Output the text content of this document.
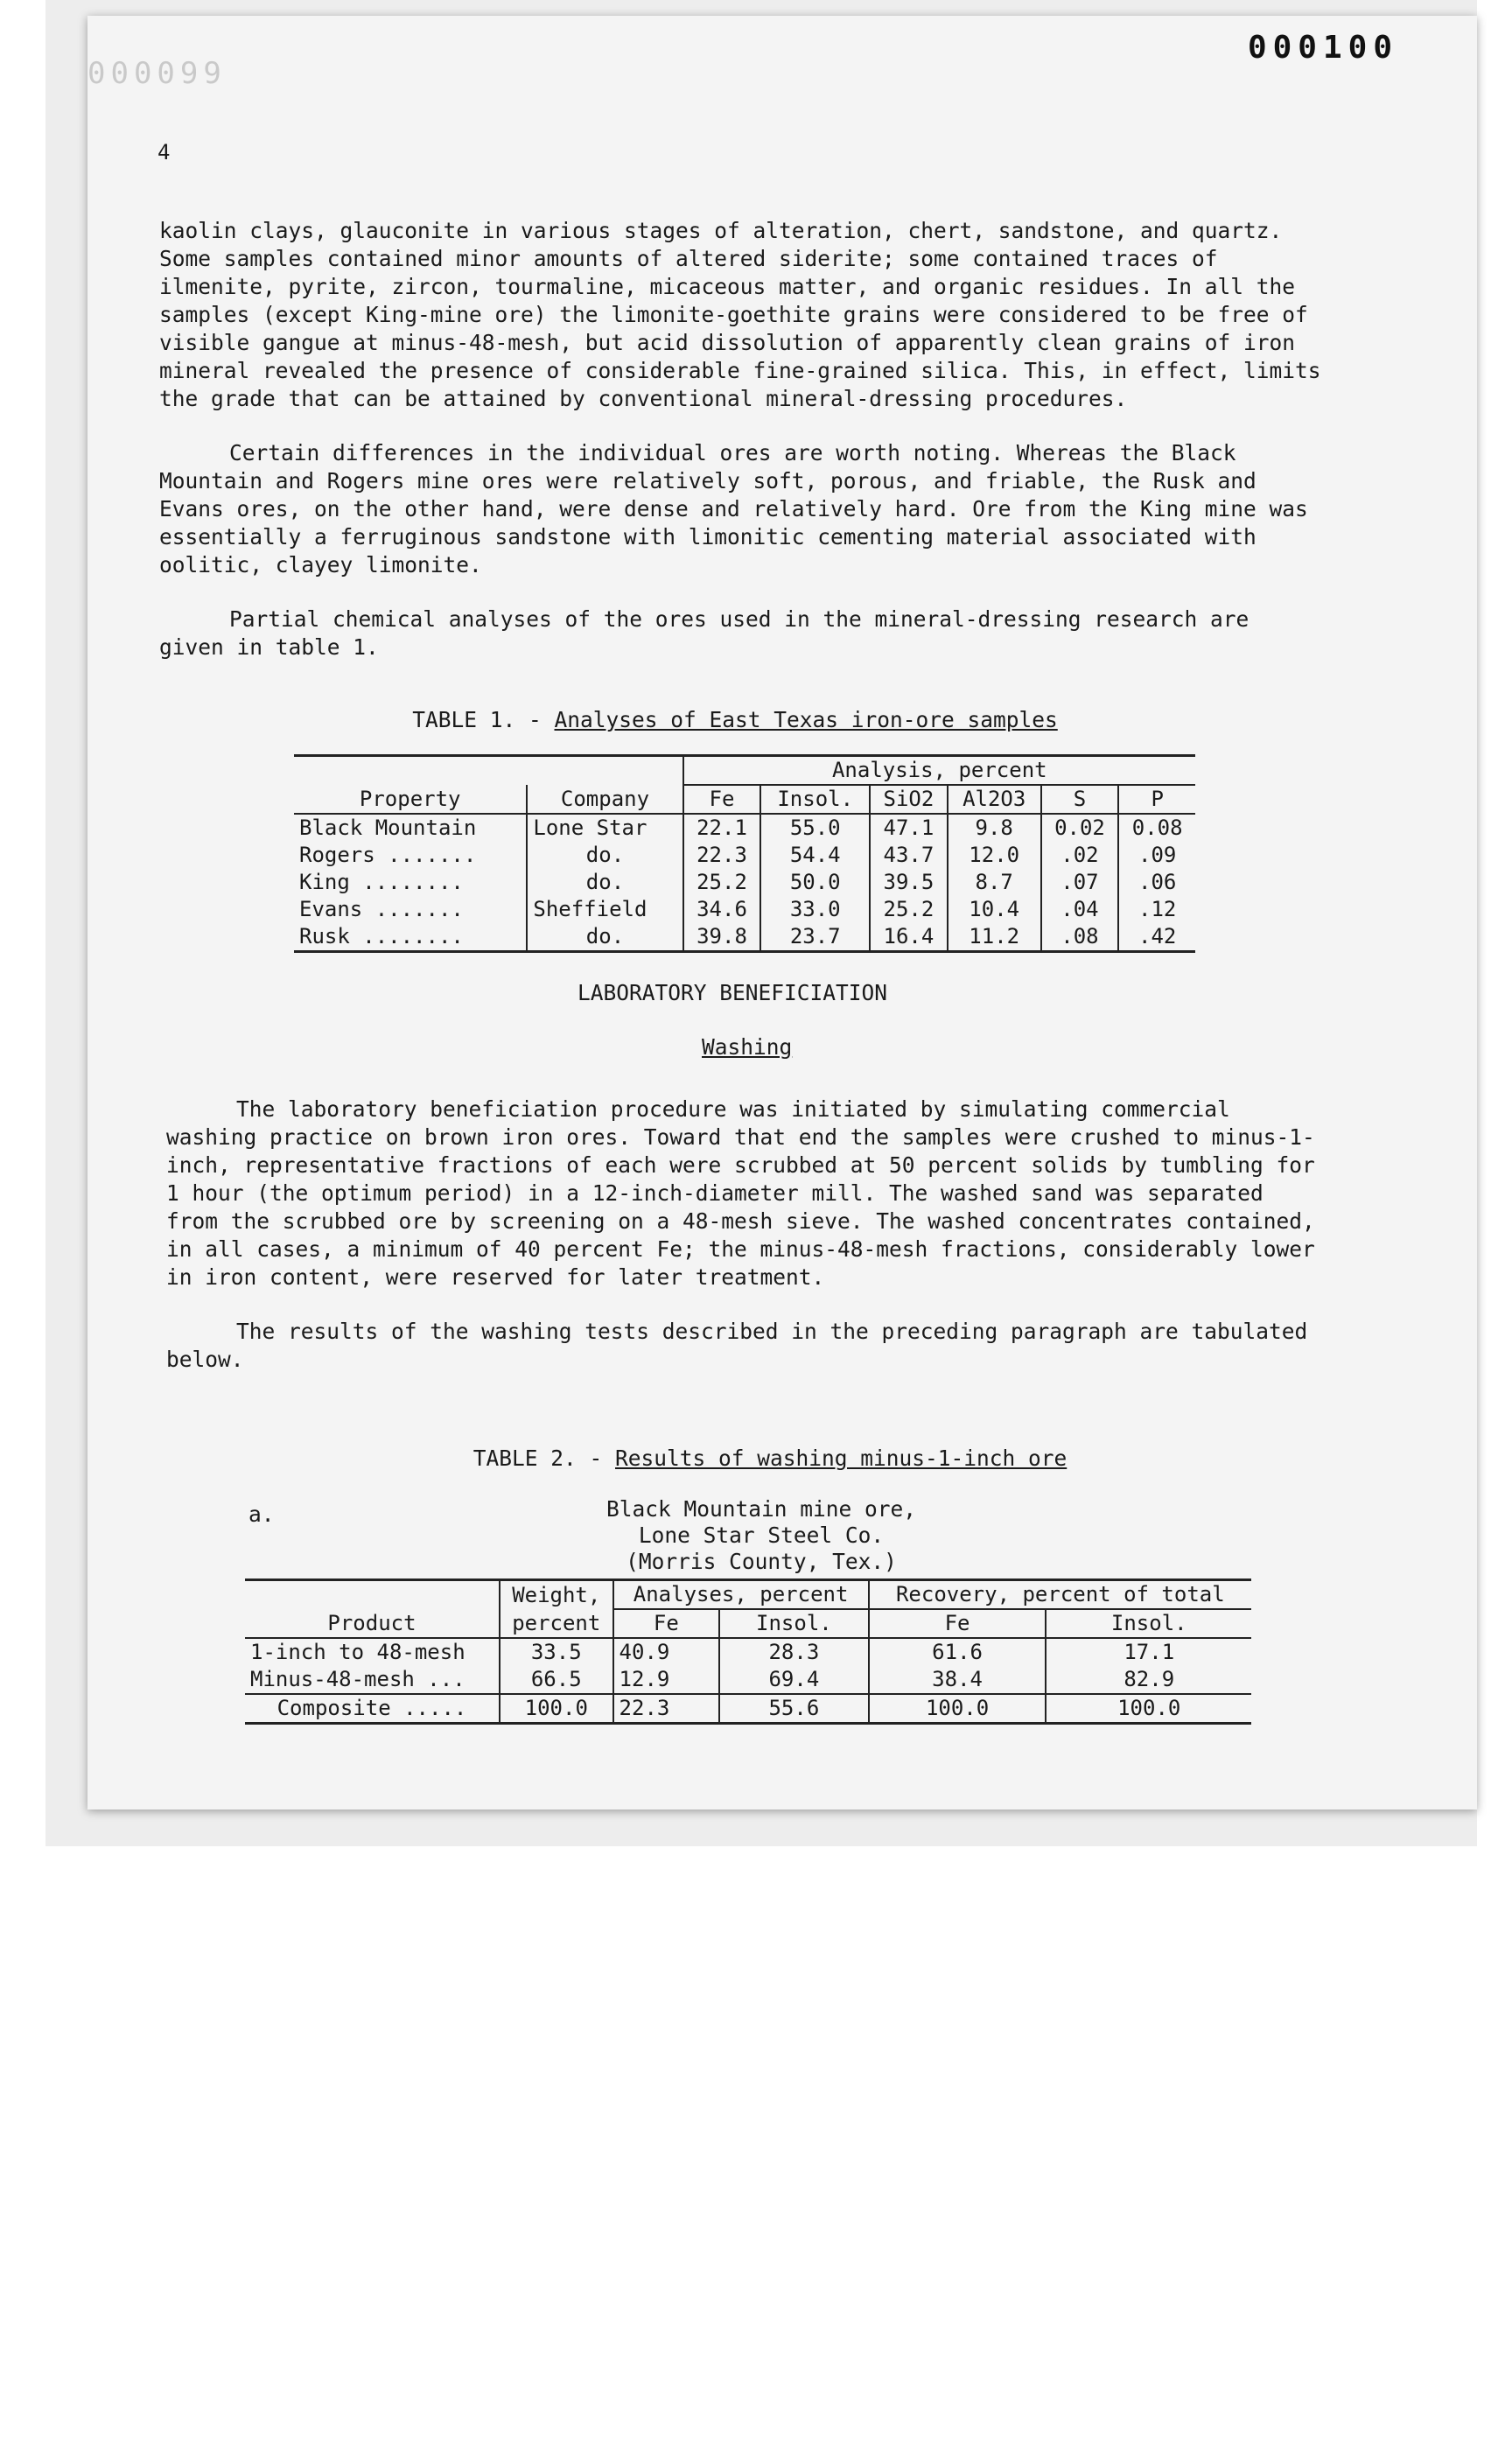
000099
000100
4

kaolin clays, glauconite in various stages of alteration, chert, sandstone, and quartz. Some samples contained minor amounts of altered siderite; some contained traces of ilmenite, pyrite, zircon, tourmaline, micaceous matter, and organic residues. In all the samples (except King-mine ore) the limonite-goethite grains were considered to be free of visible gangue at minus-48-mesh, but acid dissolution of apparently clean grains of iron mineral revealed the presence of considerable fine-grained silica. This, in effect, limits the grade that can be attained by conventional mineral-dressing procedures.

Certain differences in the individual ores are worth noting. Whereas the Black Mountain and Rogers mine ores were relatively soft, porous, and friable, the Rusk and Evans ores, on the other hand, were dense and relatively hard. Ore from the King mine was essentially a ferruginous sandstone with limonitic cementing material associated with oolitic, clayey limonite.

Partial chemical analyses of the ores used in the mineral-dressing research are given in table 1.

TABLE 1. - Analyses of East Texas iron-ore samples
		Analysis, percent					
Property	Company	Fe	Insol.	SiO2	Al2O3	S	P
Black Mountain	Lone Star	22.1	55.0	47.1	9.8	0.02	0.08
Rogers .......	do.	22.3	54.4	43.7	12.0	.02	.09
King ........	do.	25.2	50.0	39.5	8.7	.07	.06
Evans .......	Sheffield	34.6	33.0	25.2	10.4	.04	.12
Rusk ........	do.	39.8	23.7	16.4	11.2	.08	.42
LABORATORY BENEFICIATION
Washing

The laboratory beneficiation procedure was initiated by simulating commercial washing practice on brown iron ores. Toward that end the samples were crushed to minus-1-inch, representative fractions of each were scrubbed at 50 percent solids by tumbling for 1 hour (the optimum period) in a 12-inch-diameter mill. The washed sand was separated from the scrubbed ore by screening on a 48-mesh sieve. The washed concentrates contained, in all cases, a minimum of 40 percent Fe; the minus-48-mesh fractions, considerably lower in iron content, were reserved for later treatment.

The results of the washing tests described in the preceding paragraph are tabulated below.

TABLE 2. - Results of washing minus-1-inch ore
a.	Black Mountain mine ore,
Lone Star Steel Co.
(Morris County, Tex.)
	Weight,	Analyses, percent		Recovery, percent of total	
Product	percent	Fe	Insol.	Fe	Insol.
1-inch to 48-mesh	33.5	40.9	28.3	61.6	17.1
Minus-48-mesh ...	66.5	12.9	69.4	38.4	82.9
Composite .....	100.0	22.3	55.6	100.0	100.0
